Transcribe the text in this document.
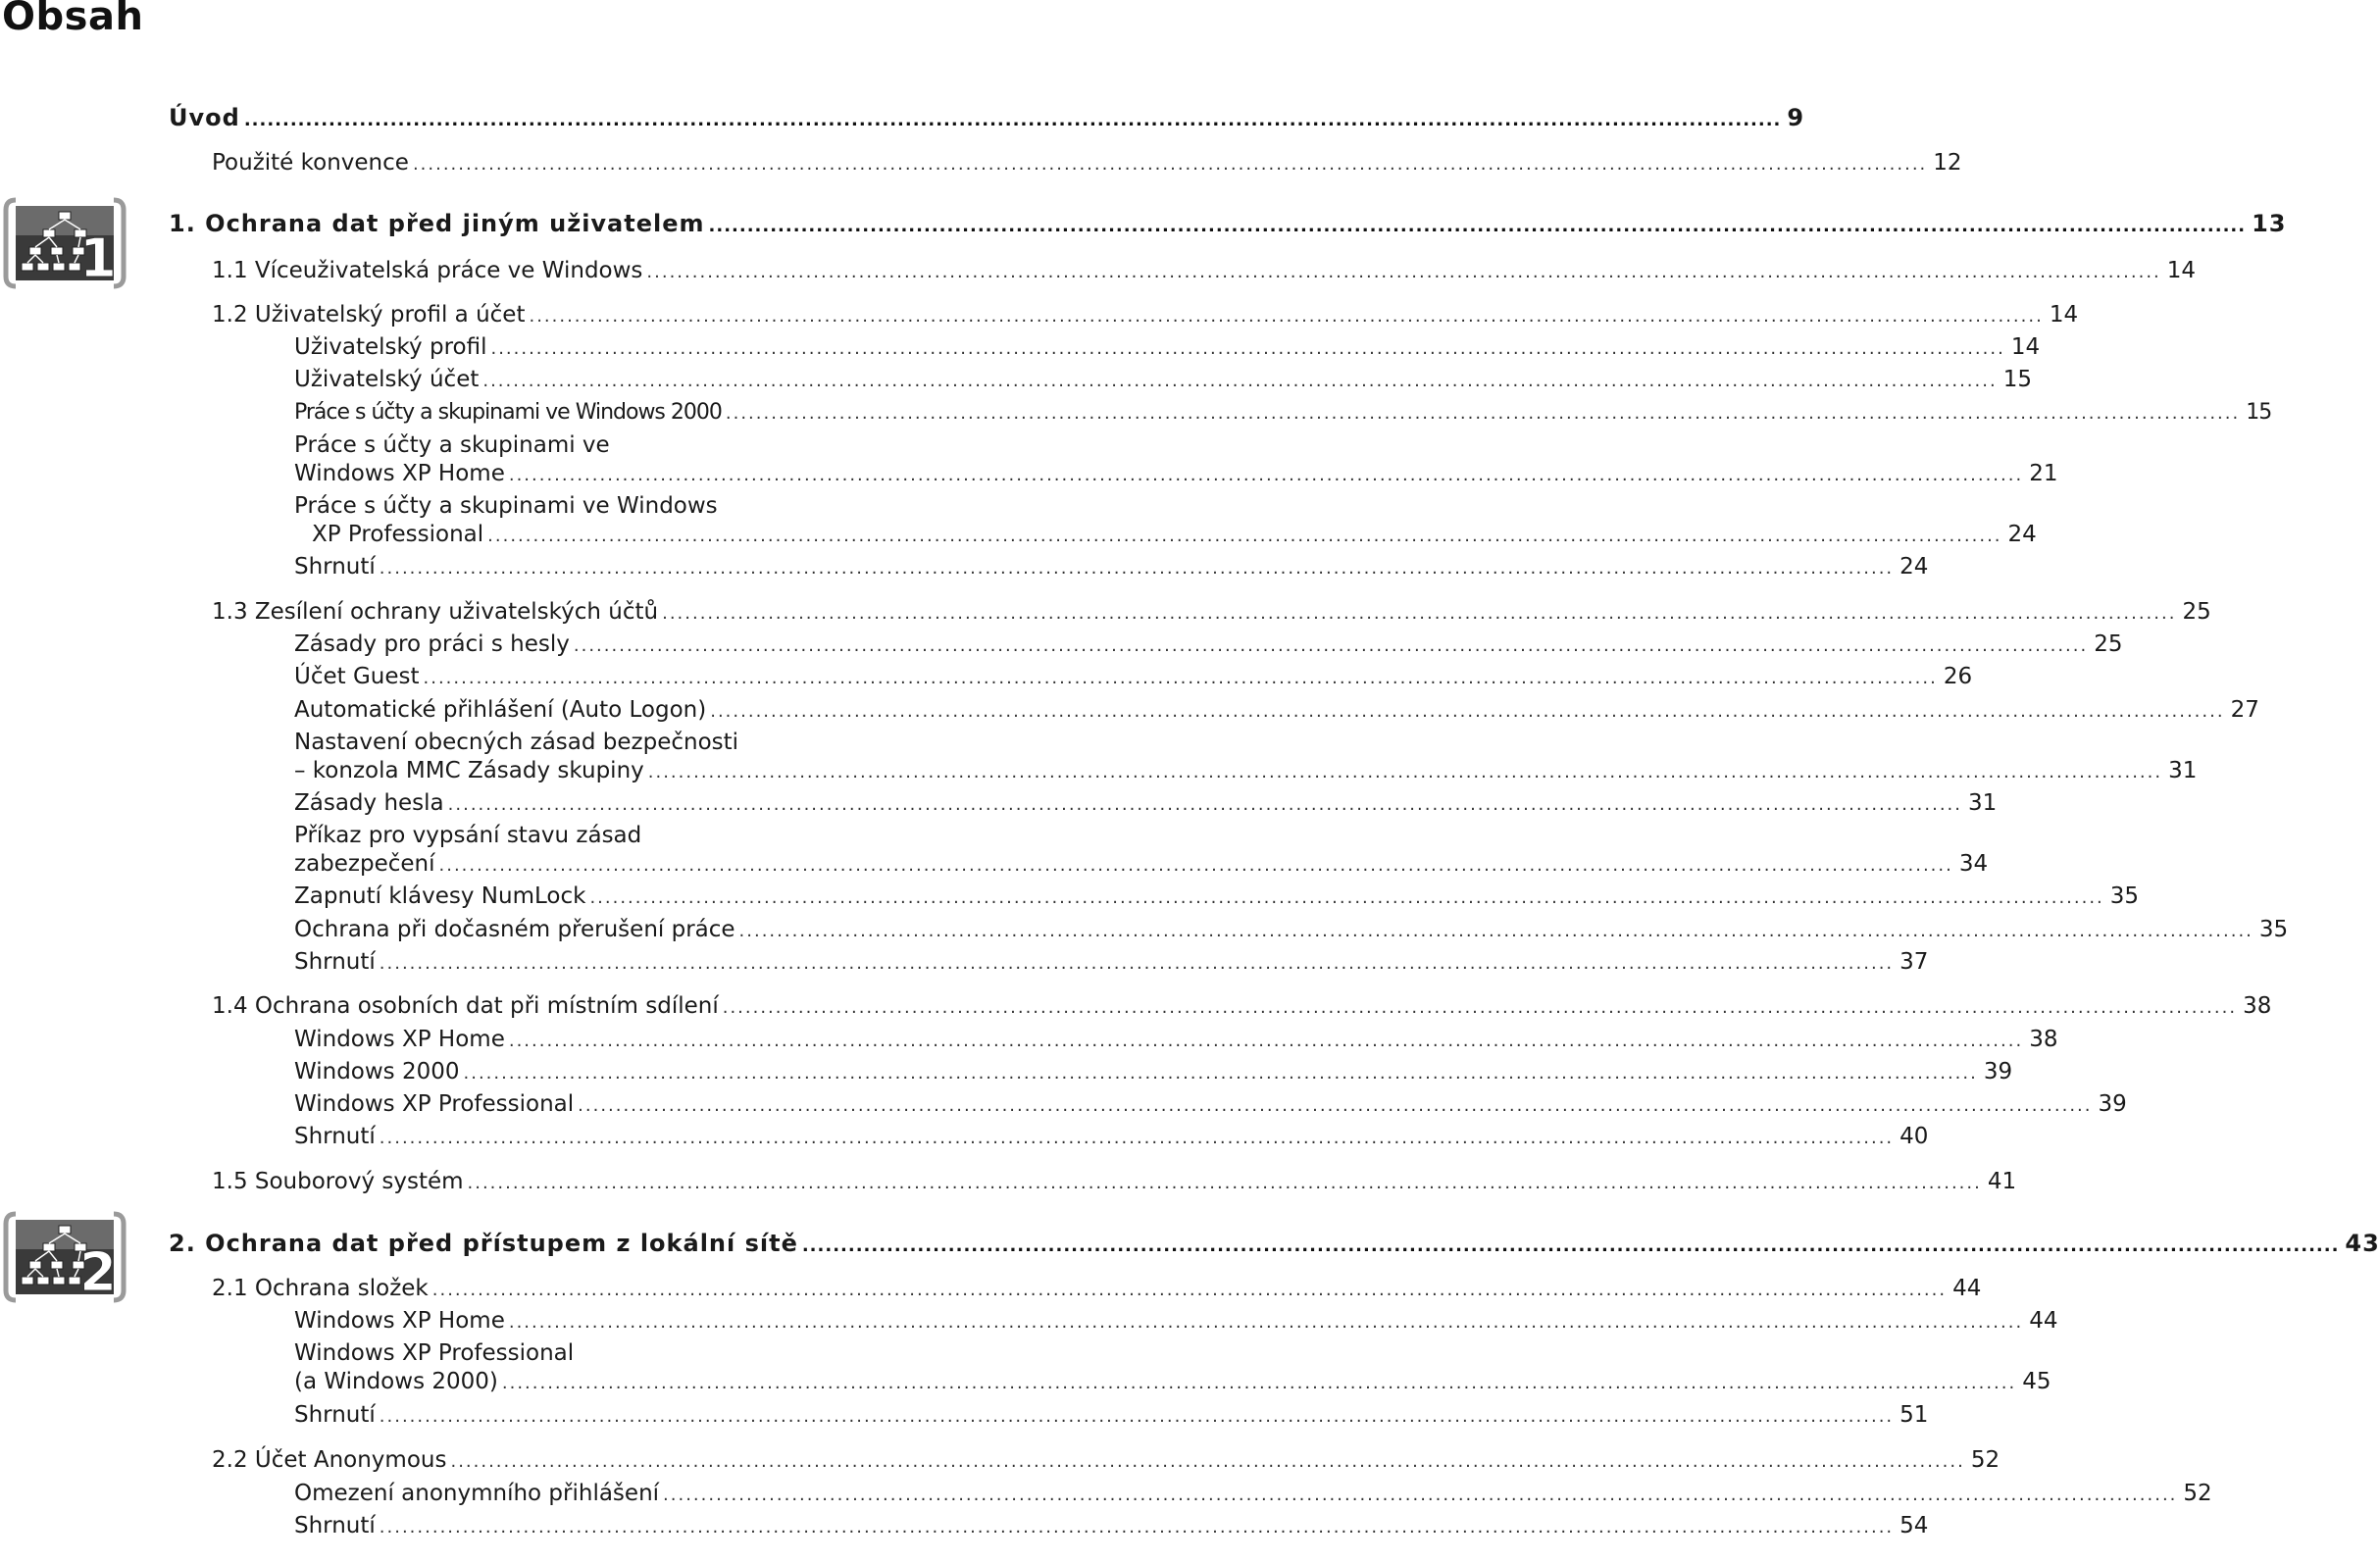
Obsah
1
2
Úvod ........................................................................................................................................................................................................ 9
Použité konvence ........................................................................................................................................................................................................ 12
1. Ochrana dat před jiným uživatelem ........................................................................................................................................................................................................ 13
1.1 Víceuživatelská práce ve Windows ........................................................................................................................................................................................................ 14
1.2 Uživatelský profil a účet ........................................................................................................................................................................................................ 14
Uživatelský profil ........................................................................................................................................................................................................ 14
Uživatelský účet ........................................................................................................................................................................................................ 15
Práce s účty a skupinami ve Windows 2000 ........................................................................................................................................................................................................ 15
Práce s účty a skupinami ve
Windows XP Home ........................................................................................................................................................................................................ 21
Práce s účty a skupinami ve Windows
XP Professional ........................................................................................................................................................................................................ 24
Shrnutí ........................................................................................................................................................................................................ 24
1.3 Zesílení ochrany uživatelských účtů ........................................................................................................................................................................................................ 25
Zásady pro práci s hesly ........................................................................................................................................................................................................ 25
Účet Guest ........................................................................................................................................................................................................ 26
Automatické přihlášení (Auto Logon) ........................................................................................................................................................................................................ 27
Nastavení obecných zásad bezpečnosti
– konzola MMC Zásady skupiny ........................................................................................................................................................................................................ 31
Zásady hesla ........................................................................................................................................................................................................ 31
Příkaz pro vypsání stavu zásad
zabezpečení ........................................................................................................................................................................................................ 34
Zapnutí klávesy NumLock ........................................................................................................................................................................................................ 35
Ochrana při dočasném přerušení práce ........................................................................................................................................................................................................ 35
Shrnutí ........................................................................................................................................................................................................ 37
1.4 Ochrana osobních dat při místním sdílení ........................................................................................................................................................................................................ 38
Windows XP Home ........................................................................................................................................................................................................ 38
Windows 2000 ........................................................................................................................................................................................................ 39
Windows XP Professional ........................................................................................................................................................................................................ 39
Shrnutí ........................................................................................................................................................................................................ 40
1.5 Souborový systém ........................................................................................................................................................................................................ 41
2. Ochrana dat před přístupem z lokální sítě ........................................................................................................................................................................................................ 43
2.1 Ochrana složek ........................................................................................................................................................................................................ 44
Windows XP Home ........................................................................................................................................................................................................ 44
Windows XP Professional
(a Windows 2000) ........................................................................................................................................................................................................ 45
Shrnutí ........................................................................................................................................................................................................ 51
2.2 Účet Anonymous ........................................................................................................................................................................................................ 52
Omezení anonymního přihlášení ........................................................................................................................................................................................................ 52
Shrnutí ........................................................................................................................................................................................................ 54
